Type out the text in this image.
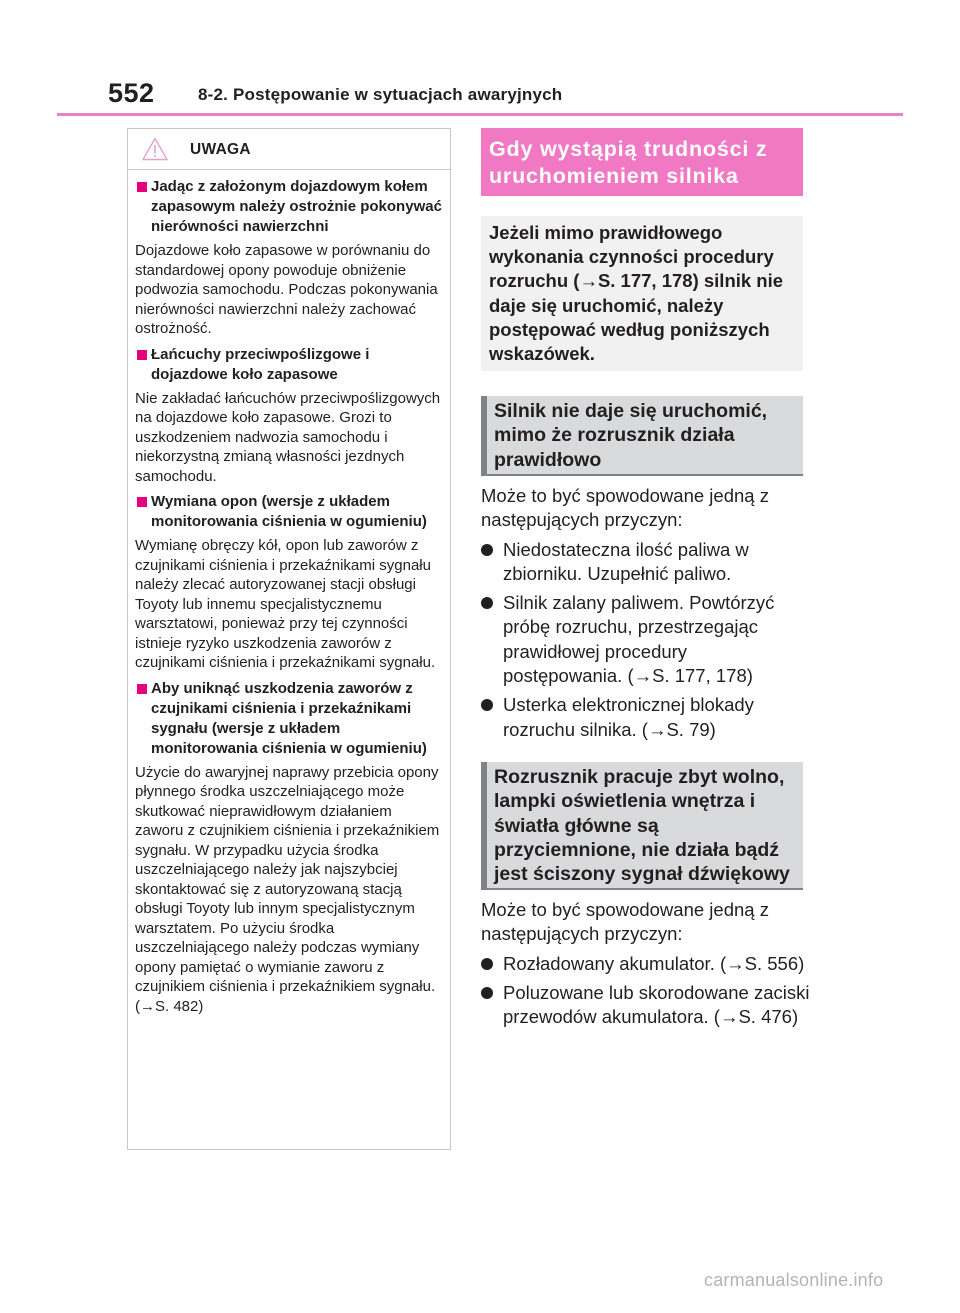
552	8-2. Postępowanie w sytuacjach awaryjnych
UWAGA
Jadąc z założonym dojazdowym kołem zapasowym należy ostrożnie pokonywać nierówności nawierzchni
Dojazdowe koło zapasowe w porównaniu do standardowej opony powoduje obniżenie podwozia samochodu. Podczas pokonywania nierówności nawierzchni należy zachować ostrożność.
Łańcuchy przeciwpoślizgowe i dojazdowe koło zapasowe
Nie zakładać łańcuchów przeciwpoślizgowych na dojazdowe koło zapasowe. Grozi to uszkodzeniem nadwozia samochodu i niekorzystną zmianą własności jezdnych samochodu.
Wymiana opon (wersje z układem monitorowania ciśnienia w ogumieniu)
Wymianę obręczy kół, opon lub zaworów z czujnikami ciśnienia i przekaźnikami sygnału należy zlecać autoryzowanej stacji obsługi Toyoty lub innemu specjalistycznemu warsztatowi, ponieważ przy tej czynności istnieje ryzyko uszkodzenia zaworów z czujnikami ciśnienia i przekaźnikami sygnału.
Aby uniknąć uszkodzenia zaworów z czujnikami ciśnienia i przekaźnikami sygnału (wersje z układem monitorowania ciśnienia w ogumieniu)
Użycie do awaryjnej naprawy przebicia opony płynnego środka uszczelniającego może skutkować nieprawidłowym działaniem zaworu z czujnikiem ciśnienia i przekaźnikiem sygnału. W przypadku użycia środka uszczelniającego należy jak najszybciej skontaktować się z autoryzowaną stacją obsługi Toyoty lub innym specjalistycznym warsztatem. Po użyciu środka uszczelniającego należy podczas wymiany opony pamiętać o wymianie zaworu z czujnikiem ciśnienia i przekaźnikiem sygnału. (→S. 482)
Gdy wystąpią trudności z uruchomieniem silnika
Jeżeli mimo prawidłowego wykonania czynności procedury rozruchu (→S. 177, 178) silnik nie daje się uruchomić, należy postępować według poniższych wskazówek.
Silnik nie daje się uruchomić, mimo że rozrusznik działa prawidłowo
Może to być spowodowane jedną z następujących przyczyn:
Niedostateczna ilość paliwa w zbiorniku. Uzupełnić paliwo.
Silnik zalany paliwem. Powtórzyć próbę rozruchu, przestrzegając prawidłowej procedury postępowania. (→S. 177, 178)
Usterka elektronicznej blokady rozruchu silnika. (→S. 79)
Rozrusznik pracuje zbyt wolno, lampki oświetlenia wnętrza i światła główne są przyciemnione, nie działa bądź jest ściszony sygnał dźwiękowy
Może to być spowodowane jedną z następujących przyczyn:
Rozładowany akumulator. (→S. 556)
Poluzowane lub skorodowane zaciski przewodów akumulatora. (→S. 476)
carmanualsonline.info
